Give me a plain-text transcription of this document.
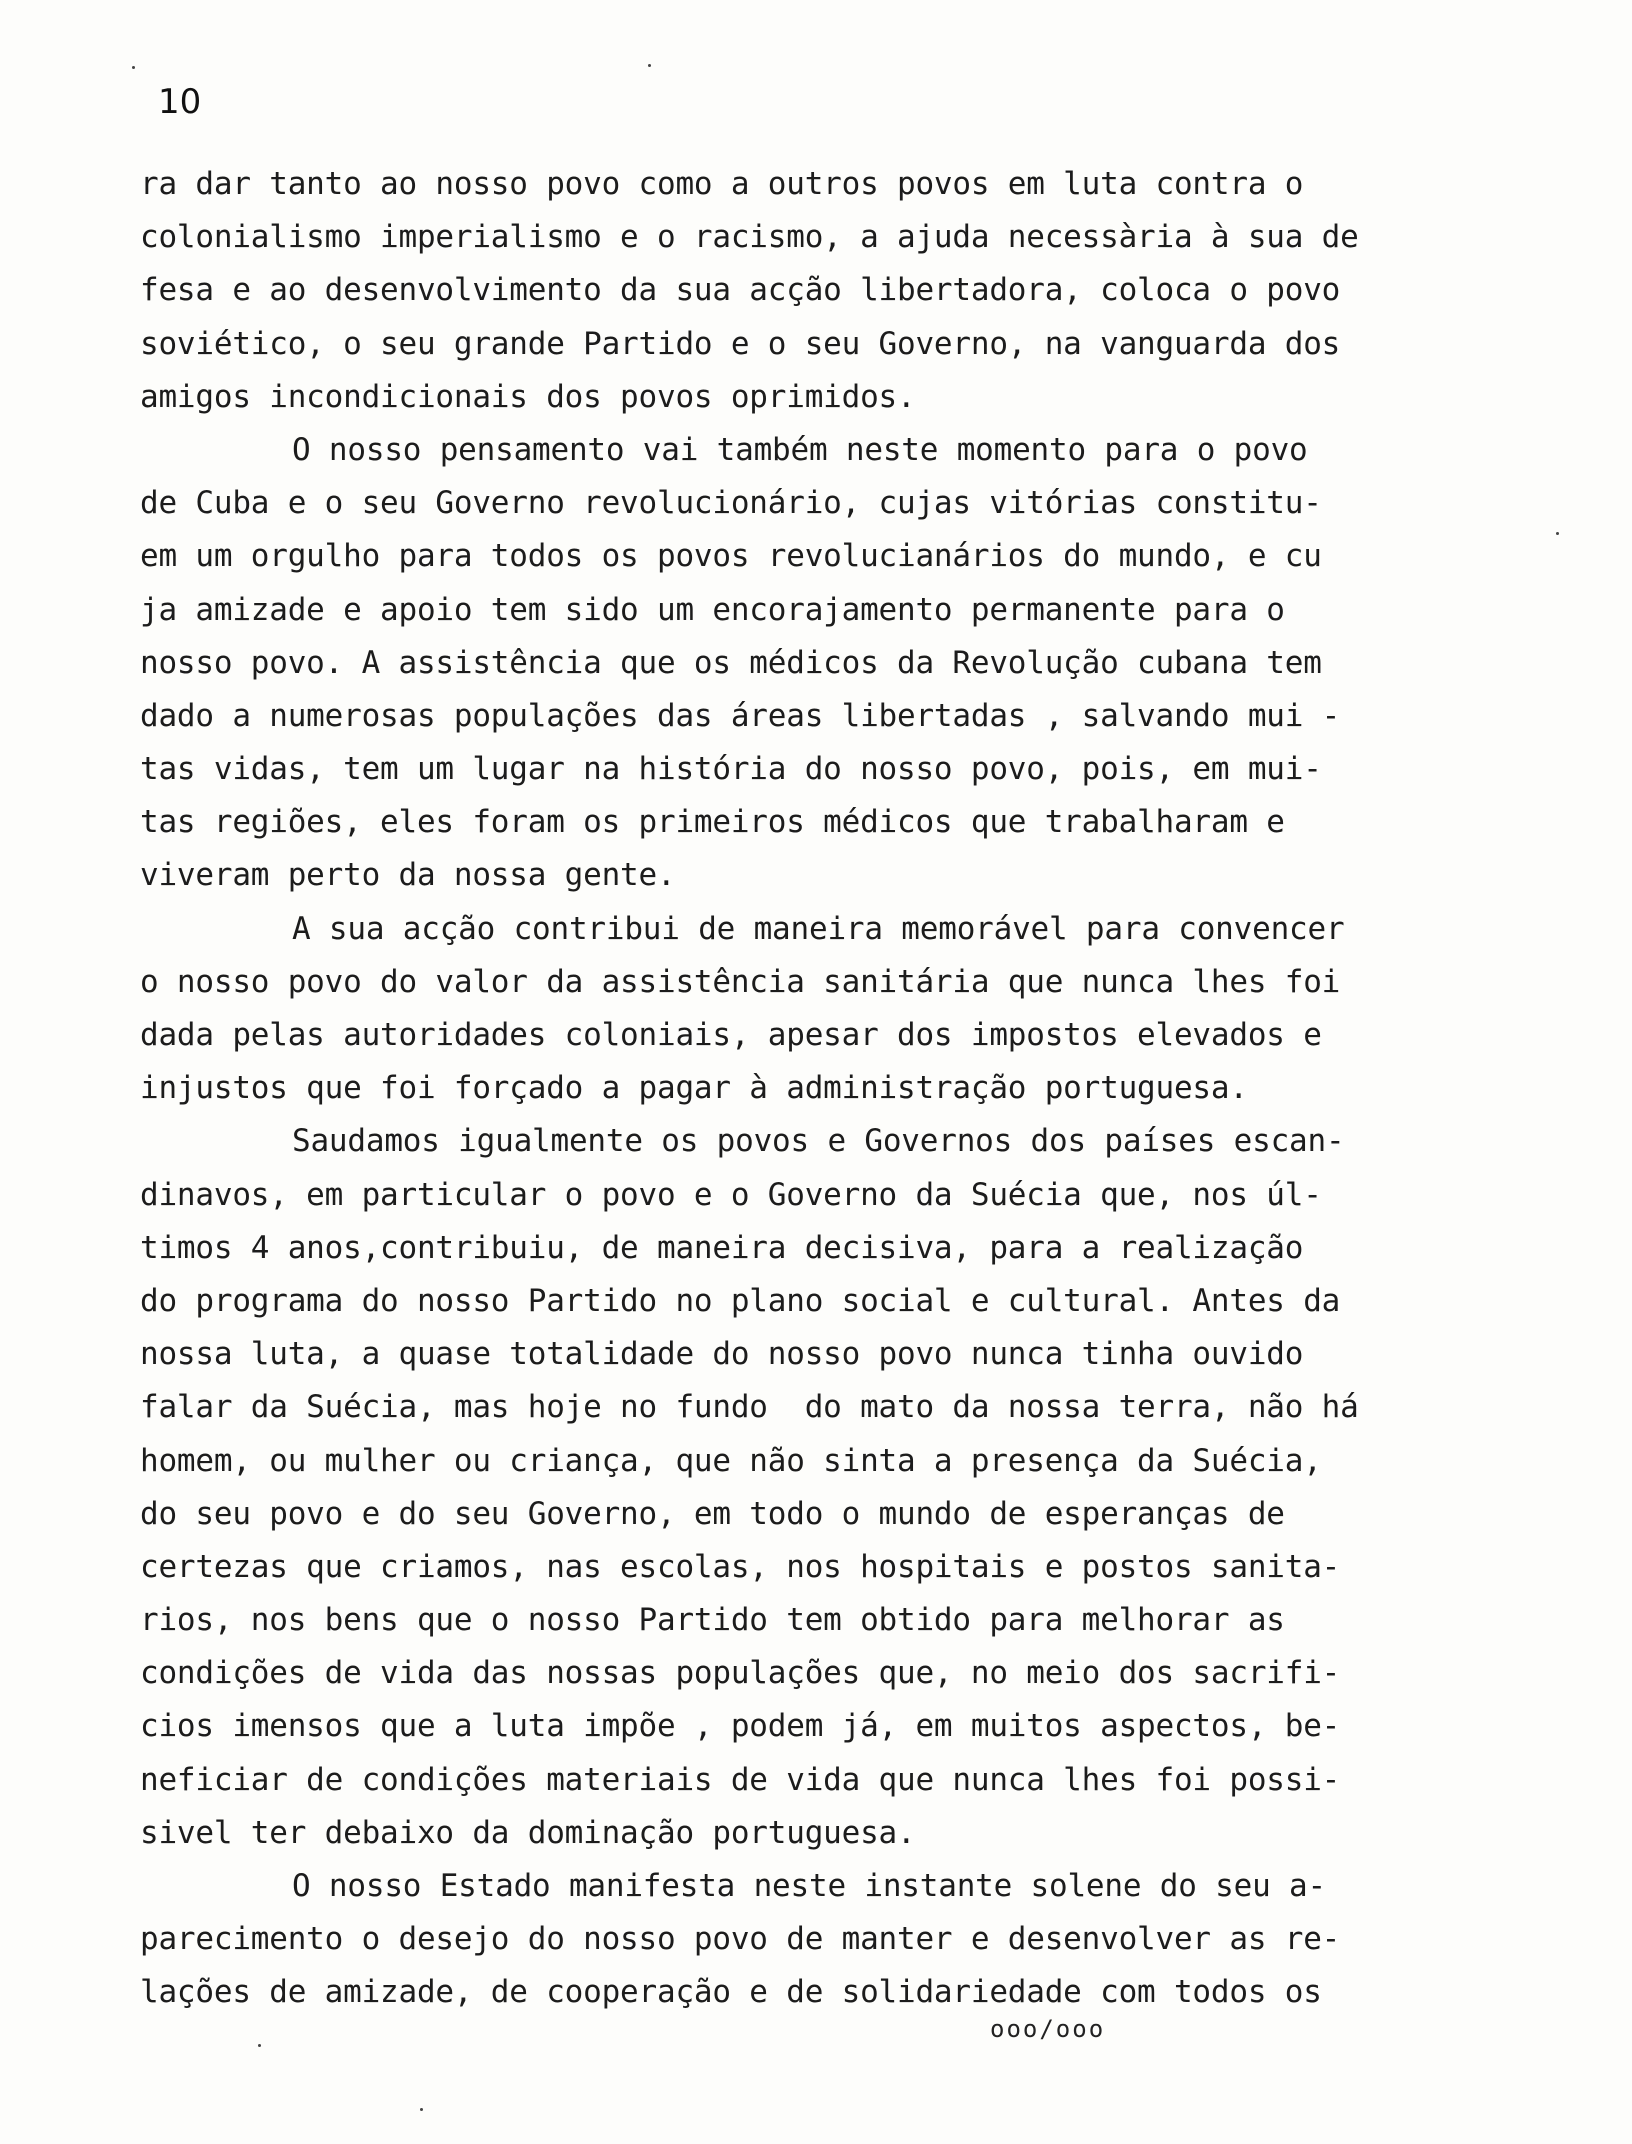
10
ra dar tanto ao nosso povo como a outros povos em luta contra o
colonialismo imperialismo e o racismo, a ajuda necessària à sua de
fesa e ao desenvolvimento da sua acção libertadora, coloca o povo
soviético, o seu grande Partido e o seu Governo, na vanguarda dos
amigos incondicionais dos povos oprimidos.
O nosso pensamento vai também neste momento para o povo
de Cuba e o seu Governo revolucionário, cujas vitórias constitu-
em um orgulho para todos os povos revolucianários do mundo, e cu
ja amizade e apoio tem sido um encorajamento permanente para o
nosso povo. A assistência que os médicos da Revolução cubana tem
dado a numerosas populações das áreas libertadas , salvando mui -
tas vidas, tem um lugar na história do nosso povo, pois, em mui-
tas regiões, eles foram os primeiros médicos que trabalharam e
viveram perto da nossa gente.
A sua acção contribui de maneira memorável para convencer
o nosso povo do valor da assistência sanitária que nunca lhes foi
dada pelas autoridades coloniais, apesar dos impostos elevados e
injustos que foi forçado a pagar à administração portuguesa.
Saudamos igualmente os povos e Governos dos países escan-
dinavos, em particular o povo e o Governo da Suécia que, nos úl-
timos 4 anos,contribuiu, de maneira decisiva, para a realização
do programa do nosso Partido no plano social e cultural. Antes da
nossa luta, a quase totalidade do nosso povo nunca tinha ouvido
falar da Suécia, mas hoje no fundo  do mato da nossa terra, não há
homem, ou mulher ou criança, que não sinta a presença da Suécia,
do seu povo e do seu Governo, em todo o mundo de esperanças de
certezas que criamos, nas escolas, nos hospitais e postos sanita-
rios, nos bens que o nosso Partido tem obtido para melhorar as
condições de vida das nossas populações que, no meio dos sacrifi-
cios imensos que a luta impõe , podem já, em muitos aspectos, be-
neficiar de condições materiais de vida que nunca lhes foi possi-
sivel ter debaixo da dominação portuguesa.
O nosso Estado manifesta neste instante solene do seu a-
parecimento o desejo do nosso povo de manter e desenvolver as re-
lações de amizade, de cooperação e de solidariedade com todos os
ooo/ooo
